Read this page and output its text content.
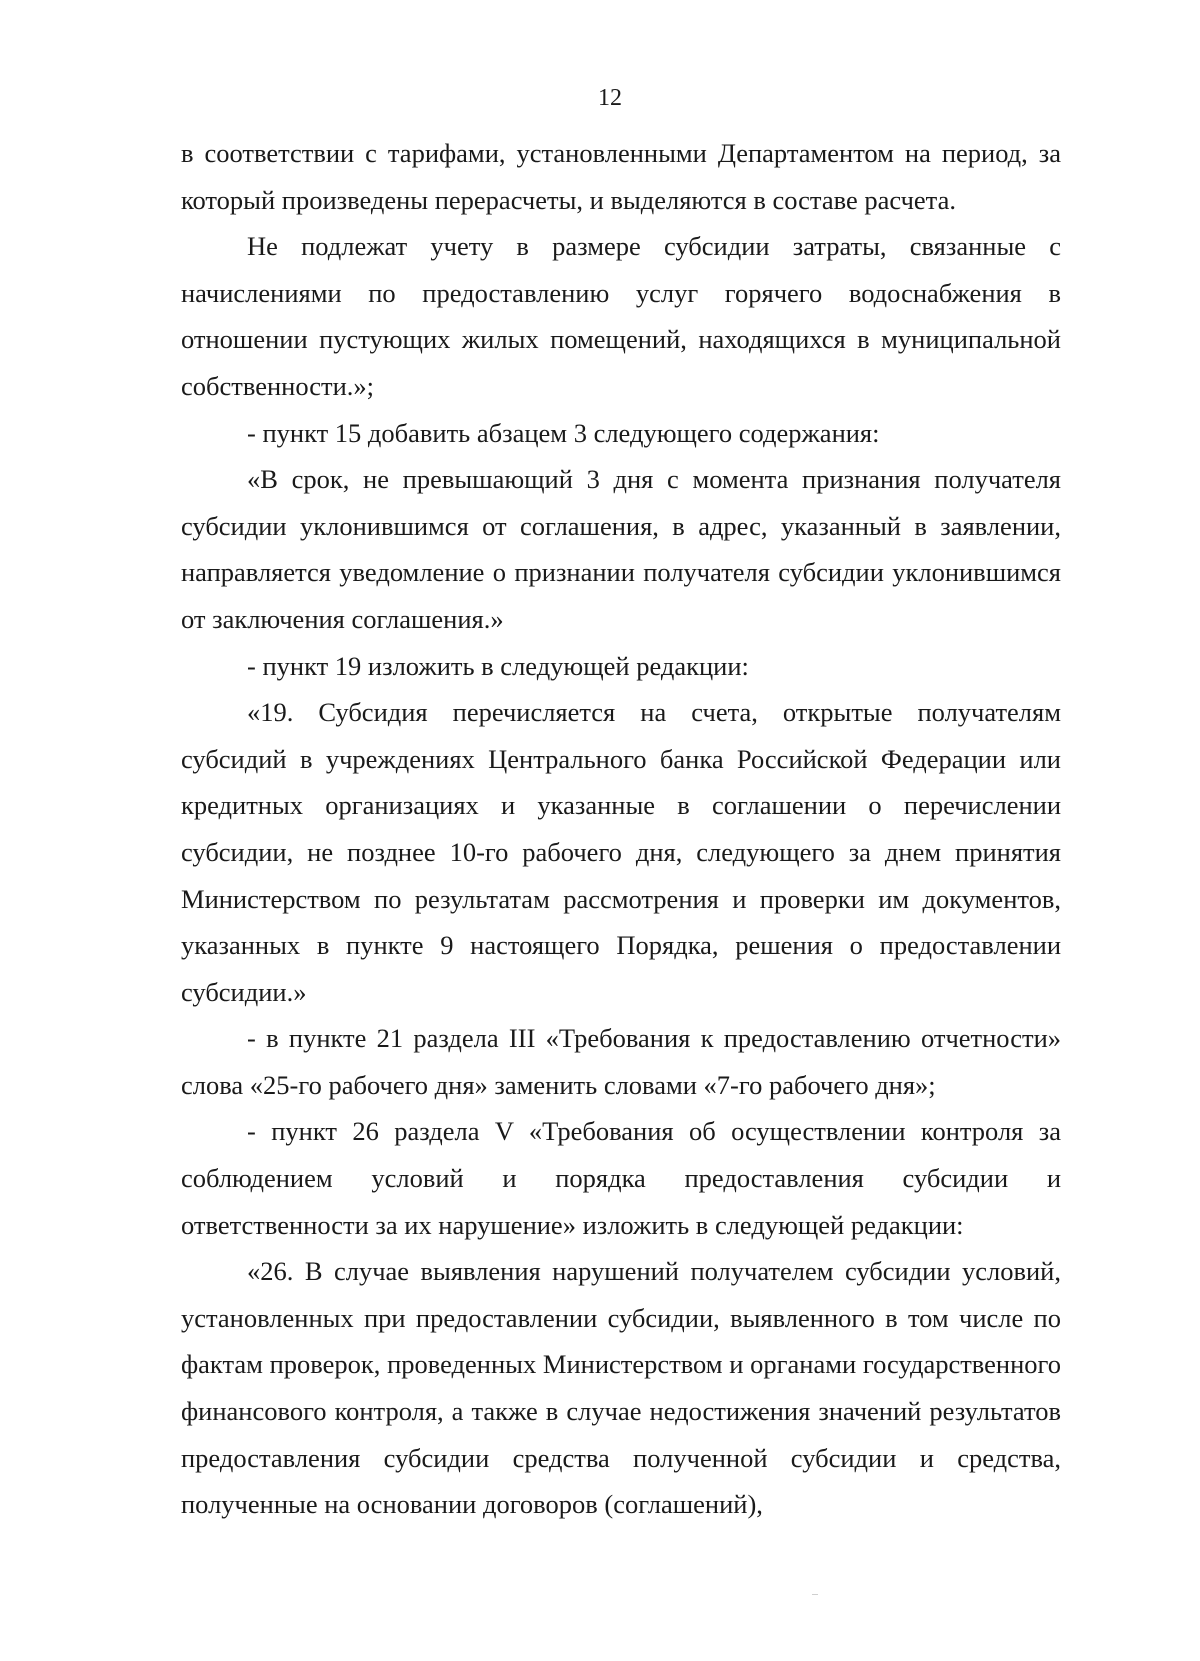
12

в соответствии с тарифами, установленными Департаментом на период, за который произведены перерасчеты, и выделяются в составе расчета.

Не подлежат учету в размере субсидии затраты, связанные с начислениями по предоставлению услуг горячего водоснабжения в отношении пустующих жилых помещений, находящихся в муниципальной собственности.»;

- пункт 15 добавить абзацем 3 следующего содержания:

«В срок, не превышающий 3 дня с момента признания получателя субсидии уклонившимся от соглашения, в адрес, указанный в заявлении, направляется уведомление о признании получателя субсидии уклонившимся от заключения соглашения.»

- пункт 19 изложить в следующей редакции:

«19. Субсидия перечисляется на счета, открытые получателям субсидий в учреждениях Центрального банка Российской Федерации или кредитных организациях и указанные в соглашении о перечислении субсидии, не позднее 10-го рабочего дня, следующего за днем принятия Министерством по результатам рассмотрения и проверки им документов, указанных в пункте 9 настоящего Порядка, решения о предоставлении субсидии.»

- в пункте 21 раздела III «Требования к предоставлению отчетности» слова «25-го рабочего дня» заменить словами «7-го рабочего дня»;

- пункт 26 раздела V «Требования об осуществлении контроля за соблюдением условий и порядка предоставления субсидии и ответственности за их нарушение» изложить в следующей редакции:

«26. В случае выявления нарушений получателем субсидии условий, установленных при предоставлении субсидии, выявленного в том числе по фактам проверок, проведенных Министерством и органами государственного финансового контроля, а также в случае недостижения значений результатов предоставления субсидии средства полученной субсидии и средства, полученные на основании договоров (соглашений),
